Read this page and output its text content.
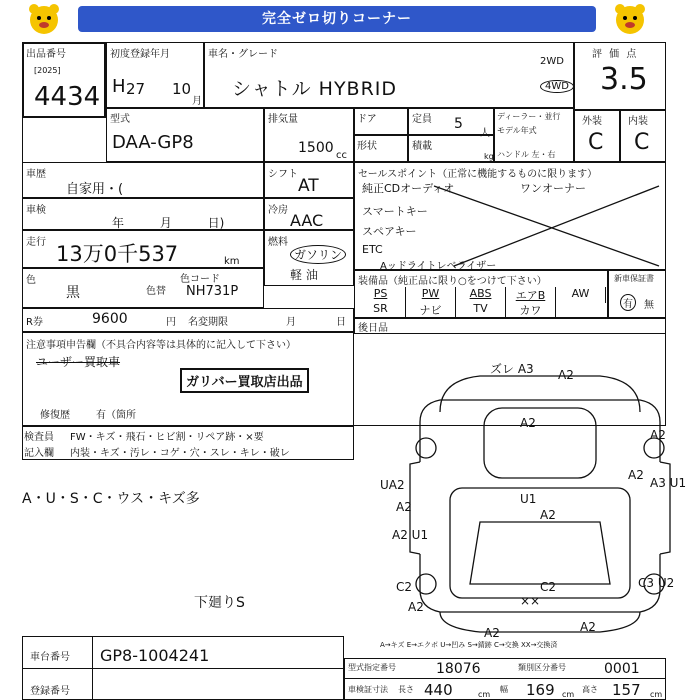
完全ゼロ切りコーナー
出品番号
[2025]
4434
初度登録年月
H 27 10
月
車名・グレード
シャトル HYBRID
2WD
4WD
評 価 点
3.5
型式
DAA-GP8
排気量
1500 cc
ドア	定員 5
人
形状	積載
kg
ディーラー・並行
モデル年式
ハンドル 左・右
外装
C
内装
C
車歴
自家用・(
シフト
AT
車検
年 月 日)
冷房
AAC
走行 13万0千537	km
燃料
ガソリン
軽 油
色
黒	色替
色コード
NH731P
セールスポイント（正常に機能するものに限ります）
純正CDオーディオ	ワンオーナー
スマートキー
スペアキー
ETC
Aッドライトレベライザー
装備品（純正品に限り○をつけて下さい）
PS	PW	ABS	エアB	AW
SR	ナビ	TV	カワ
新車保証書
有	無
R券	9600	円 名変期限	月	日
後日品
注意事項申告欄（不具合内容等は具体的に記入して下さい）
ユーザー買取車
ガリバー買取店出品
修復歴	有（箇所
検査員 FW・キズ・飛石・ヒビ割・リペア跡・×要
記入欄 内装・キズ・汚レ・コゲ・穴・スレ・キレ・破レ
A・U・S・C・ウス・キズ多
下廻りS
ズレ A3 A2
A2
A2
A2
UA2
A2
A2 U1
U1
A2
A3 U1
C2	C3 U2
C2
××
A2	A2
A2
A→キズ E→エクボ U→凹み S→錆跡 C→交換 XX→交換済
車台番号 GP8-1004241
登録番号
型式指定番号	18076	類別区分番号	0001
車検証寸法 長さ 440	cm
幅 169 cm
高さ 157 cm
